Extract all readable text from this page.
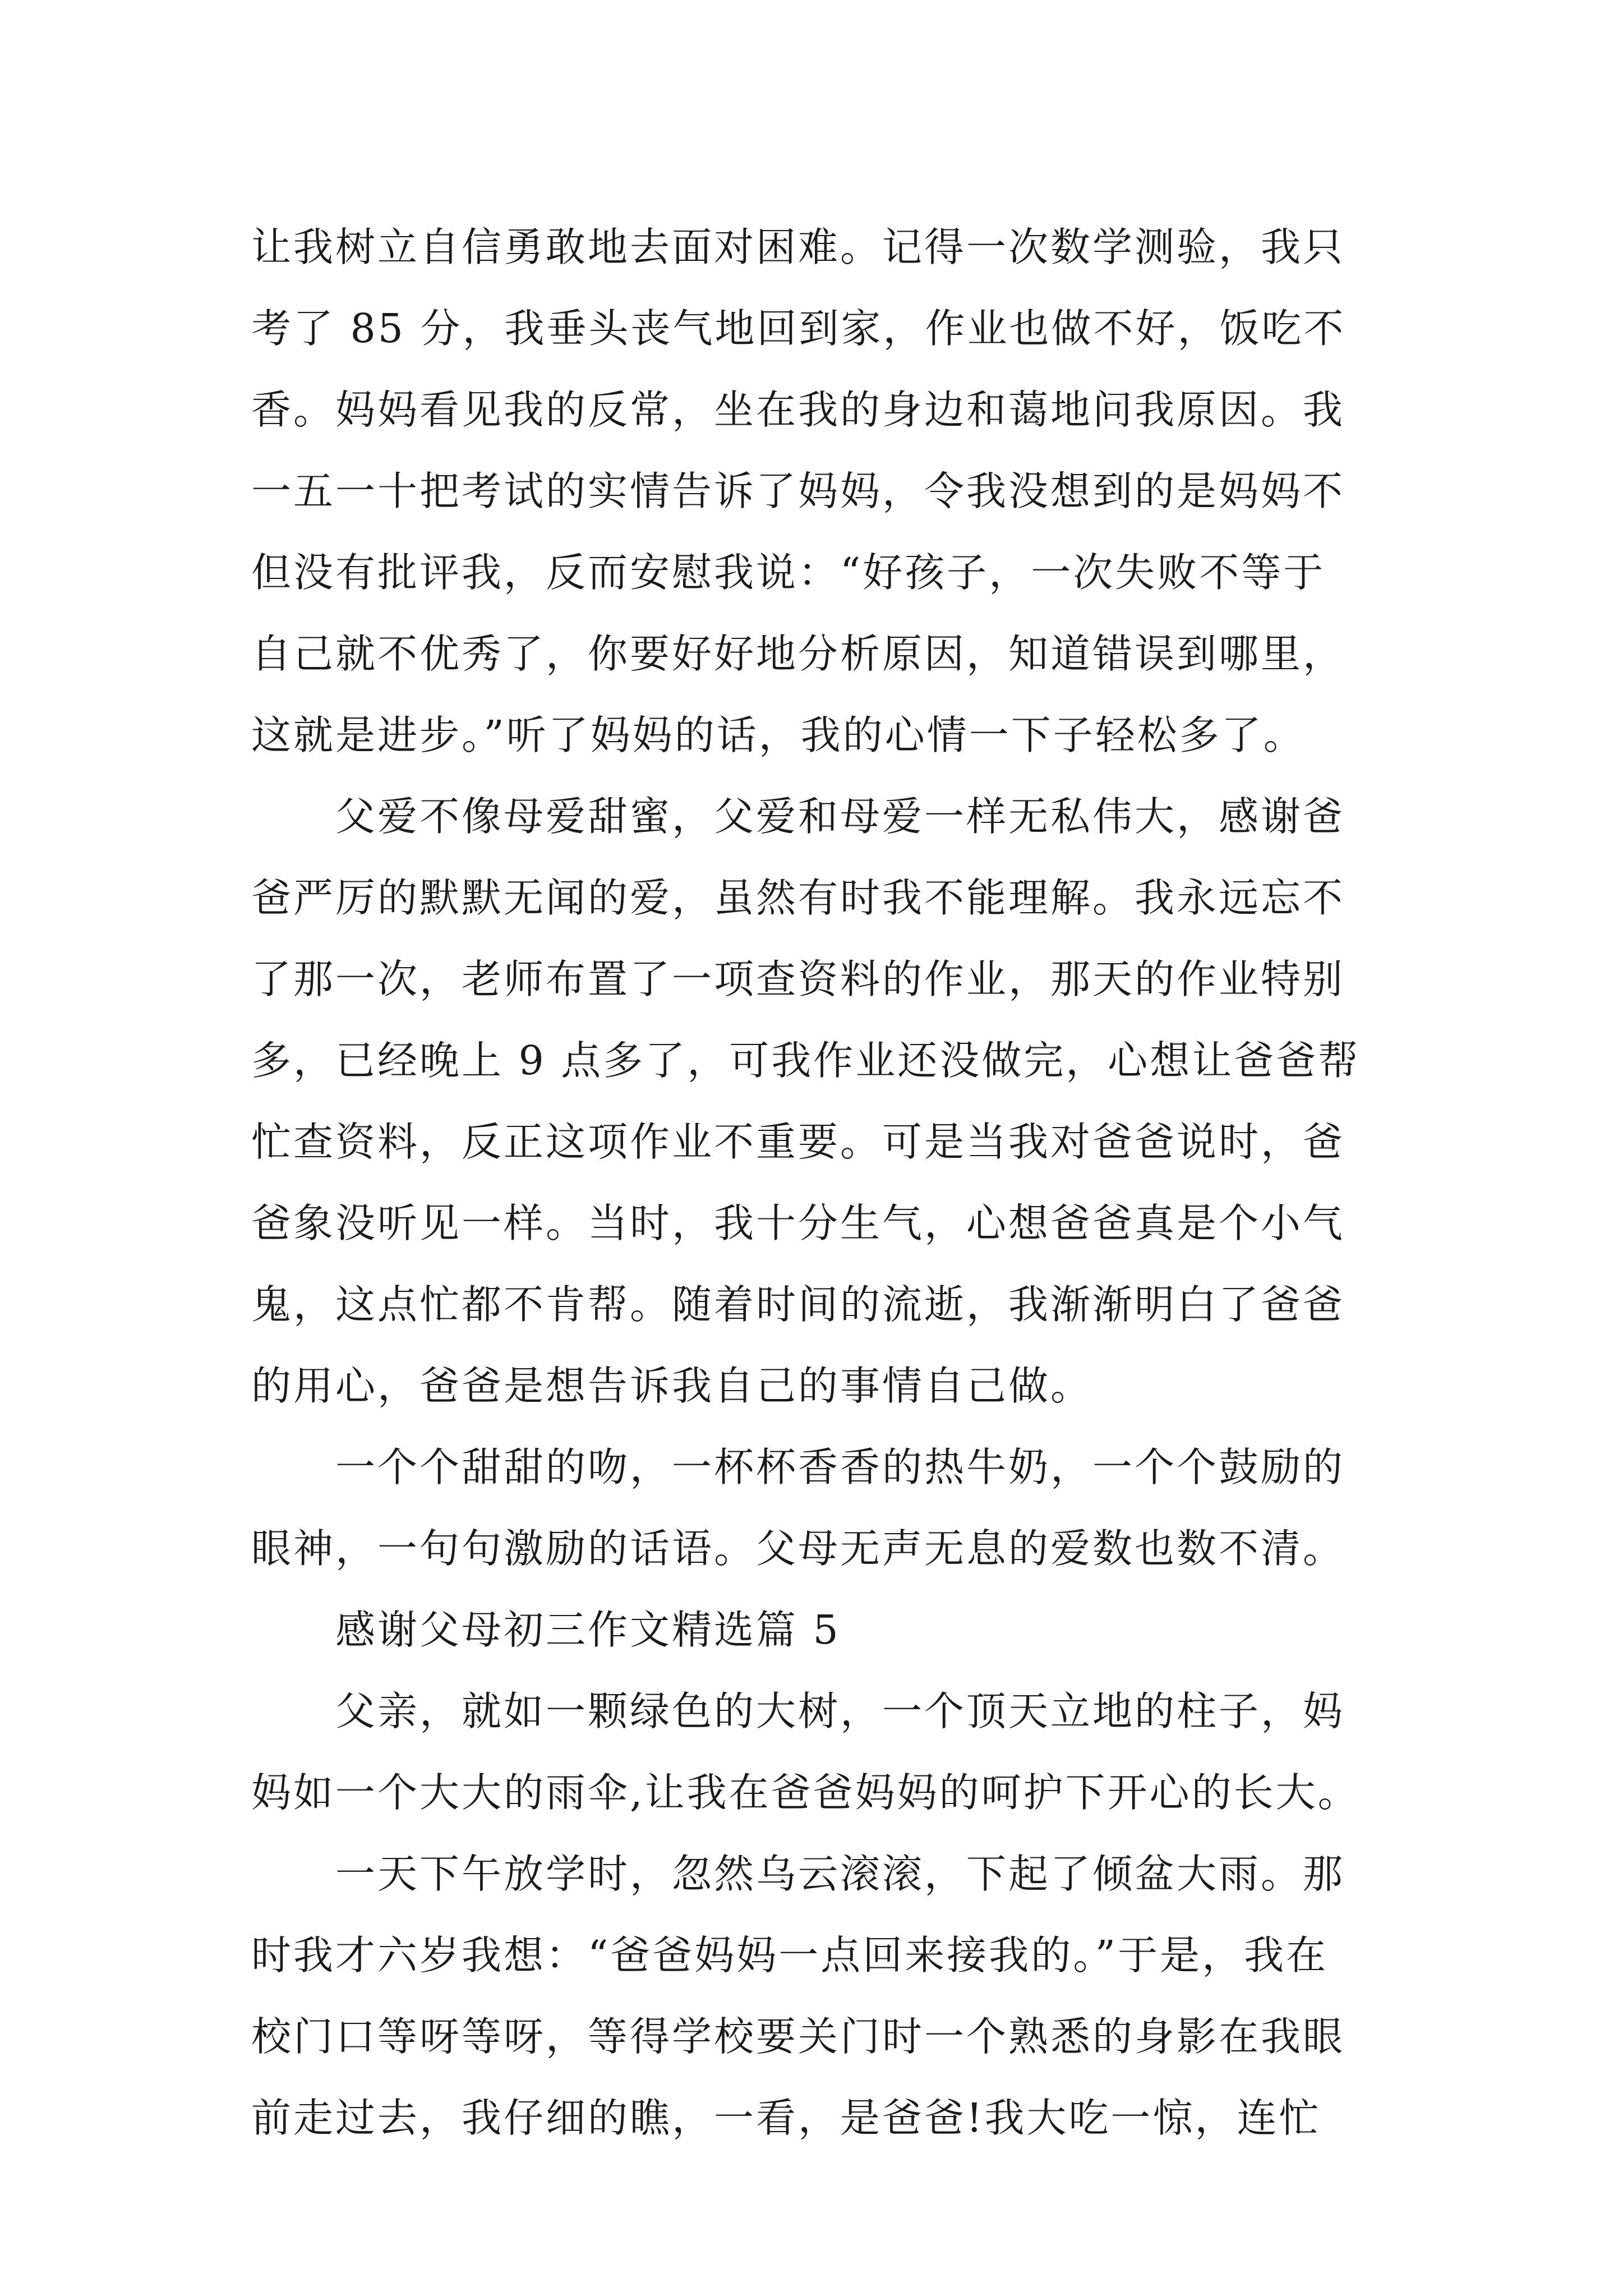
让我树立自信勇敢地去面对困难。记得一次数学测验，我只
考了 85 分，我垂头丧气地回到家，作业也做不好，饭吃不
香。妈妈看见我的反常，坐在我的身边和蔼地问我原因。我
一五一十把考试的实情告诉了妈妈，令我没想到的是妈妈不
但没有批评我，反而安慰我说：“好孩子，一次失败不等于
自己就不优秀了，你要好好地分析原因，知道错误到哪里，
这就是进步。”听了妈妈的话，我的心情一下子轻松多了。
父爱不像母爱甜蜜，父爱和母爱一样无私伟大，感谢爸
爸严厉的默默无闻的爱，虽然有时我不能理解。我永远忘不
了那一次，老师布置了一项查资料的作业，那天的作业特别
多，已经晚上 9 点多了，可我作业还没做完，心想让爸爸帮
忙查资料，反正这项作业不重要。可是当我对爸爸说时，爸
爸象没听见一样。当时，我十分生气，心想爸爸真是个小气
鬼，这点忙都不肯帮。随着时间的流逝，我渐渐明白了爸爸
的用心，爸爸是想告诉我自己的事情自己做。
一个个甜甜的吻，一杯杯香香的热牛奶，一个个鼓励的
眼神，一句句激励的话语。父母无声无息的爱数也数不清。
感谢父母初三作文精选篇 5
父亲，就如一颗绿色的大树，一个顶天立地的柱子，妈
妈如一个大大的雨伞,让我在爸爸妈妈的呵护下开心的长大。
一天下午放学时，忽然乌云滚滚，下起了倾盆大雨。那
时我才六岁我想：“爸爸妈妈一点回来接我的。”于是，我在
校门口等呀等呀，等得学校要关门时一个熟悉的身影在我眼
前走过去，我仔细的瞧，一看，是爸爸!我大吃一惊，连忙
